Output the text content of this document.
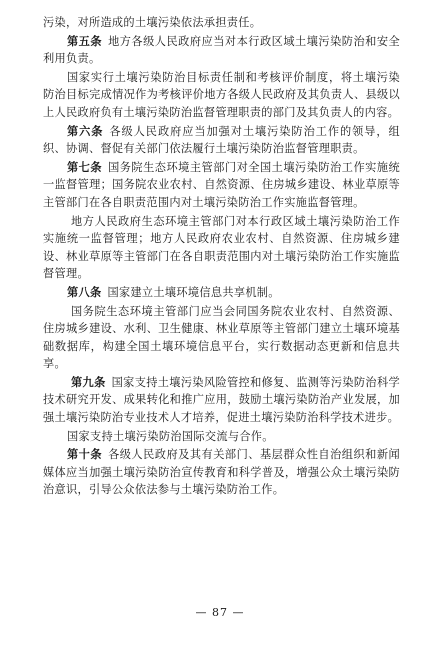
污染，对所造成的土壤污染依法承担责任。

第五条 地方各级人民政府应当对本行政区域土壤污染防治和安全利用负责。

国家实行土壤污染防治目标责任制和考核评价制度，将土壤污染防治目标完成情况作为考核评价地方各级人民政府及其负责人、县级以上人民政府负有土壤污染防治监督管理职责的部门及其负责人的内容。

第六条 各级人民政府应当加强对土壤污染防治工作的领导，组织、协调、督促有关部门依法履行土壤污染防治监督管理职责。

第七条 国务院生态环境主管部门对全国土壤污染防治工作实施统一监督管理；国务院农业农村、自然资源、住房城乡建设、林业草原等主管部门在各自职责范围内对土壤污染防治工作实施监督管理。

地方人民政府生态环境主管部门对本行政区域土壤污染防治工作实施统一监督管理；地方人民政府农业农村、自然资源、住房城乡建设、林业草原等主管部门在各自职责范围内对土壤污染防治工作实施监督管理。

第八条 国家建立土壤环境信息共享机制。

国务院生态环境主管部门应当会同国务院农业农村、自然资源、住房城乡建设、水利、卫生健康、林业草原等主管部门建立土壤环境基础数据库，构建全国土壤环境信息平台，实行数据动态更新和信息共享。

第九条 国家支持土壤污染风险管控和修复、监测等污染防治科学技术研究开发、成果转化和推广应用，鼓励土壤污染防治产业发展，加强土壤污染防治专业技术人才培养，促进土壤污染防治科学技术进步。

国家支持土壤污染防治国际交流与合作。

第十条 各级人民政府及其有关部门、基层群众性自治组织和新闻媒体应当加强土壤污染防治宣传教育和科学普及，增强公众土壤污染防治意识，引导公众依法参与土壤污染防治工作。

— 87 —
